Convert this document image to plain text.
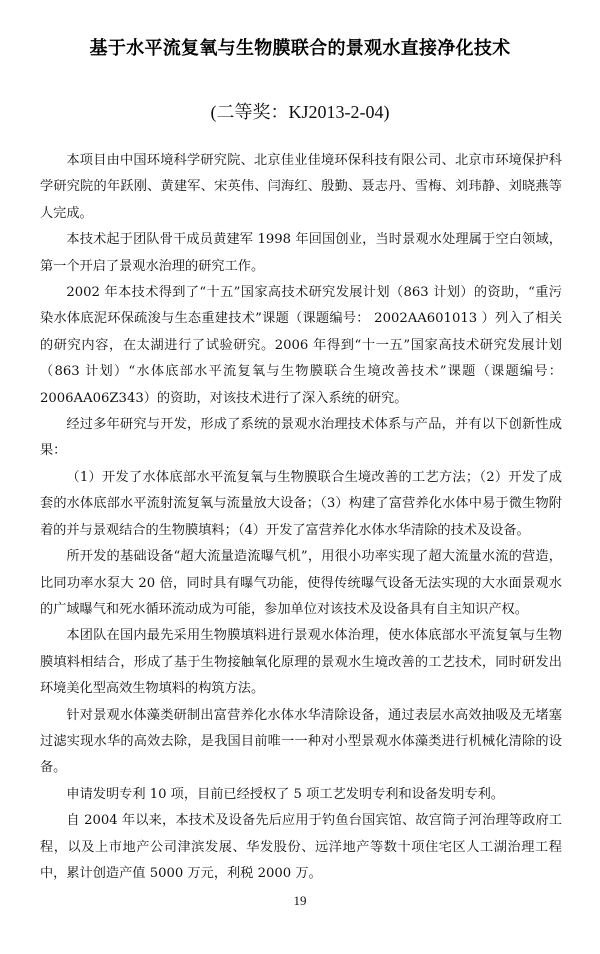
基于水平流复氧与生物膜联合的景观水直接净化技术
(二等奖：KJ2013-2-04)

本项目由中国环境科学研究院、北京佳业佳境环保科技有限公司、北京市环境保护科学研究院的年跃刚、黄建军、宋英伟、闫海红、殷勤、聂志丹、雪梅、刘玮静、刘晓燕等人完成。

本技术起于团队骨干成员黄建军 1998 年回国创业，当时景观水处理属于空白领域，第一个开启了景观水治理的研究工作。

2002 年本技术得到了“十五”国家高技术研究发展计划（863 计划）的资助，“重污染水体底泥环保疏浚与生态重建技术”课题（课题编号： 2002AA601013 ）列入了相关的研究内容，在太湖进行了试验研究。2006 年得到“十一五”国家高技术研究发展计划（863 计划）“水体底部水平流复氧与生物膜联合生境改善技术”课题（课题编号： 2006AA06Z343）的资助，对该技术进行了深入系统的研究。

经过多年研究与开发，形成了系统的景观水治理技术体系与产品，并有以下创新性成果：

（1）开发了水体底部水平流复氧与生物膜联合生境改善的工艺方法；（2）开发了成套的水体底部水平流射流复氧与流量放大设备；（3）构建了富营养化水体中易于微生物附着的并与景观结合的生物膜填料；（4）开发了富营养化水体水华清除的技术及设备。

所开发的基础设备“超大流量造流曝气机”，用很小功率实现了超大流量水流的营造，比同功率水泵大 20 倍，同时具有曝气功能，使得传统曝气设备无法实现的大水面景观水的广域曝气和死水循环流动成为可能，参加单位对该技术及设备具有自主知识产权。

本团队在国内最先采用生物膜填料进行景观水体治理，使水体底部水平流复氧与生物膜填料相结合，形成了基于生物接触氧化原理的景观水生境改善的工艺技术，同时研发出环境美化型高效生物填料的构筑方法。

针对景观水体藻类研制出富营养化水体水华清除设备，通过表层水高效抽吸及无堵塞过滤实现水华的高效去除，是我国目前唯一一种对小型景观水体藻类进行机械化清除的设备。

申请发明专利 10 项，目前已经授权了 5 项工艺发明专利和设备发明专利。

自 2004 年以来，本技术及设备先后应用于钓鱼台国宾馆、故宫筒子河治理等政府工程，以及上市地产公司津滨发展、华发股份、远洋地产等数十项住宅区人工湖治理工程中，累计创造产值 5000 万元，利税 2000 万。

19
